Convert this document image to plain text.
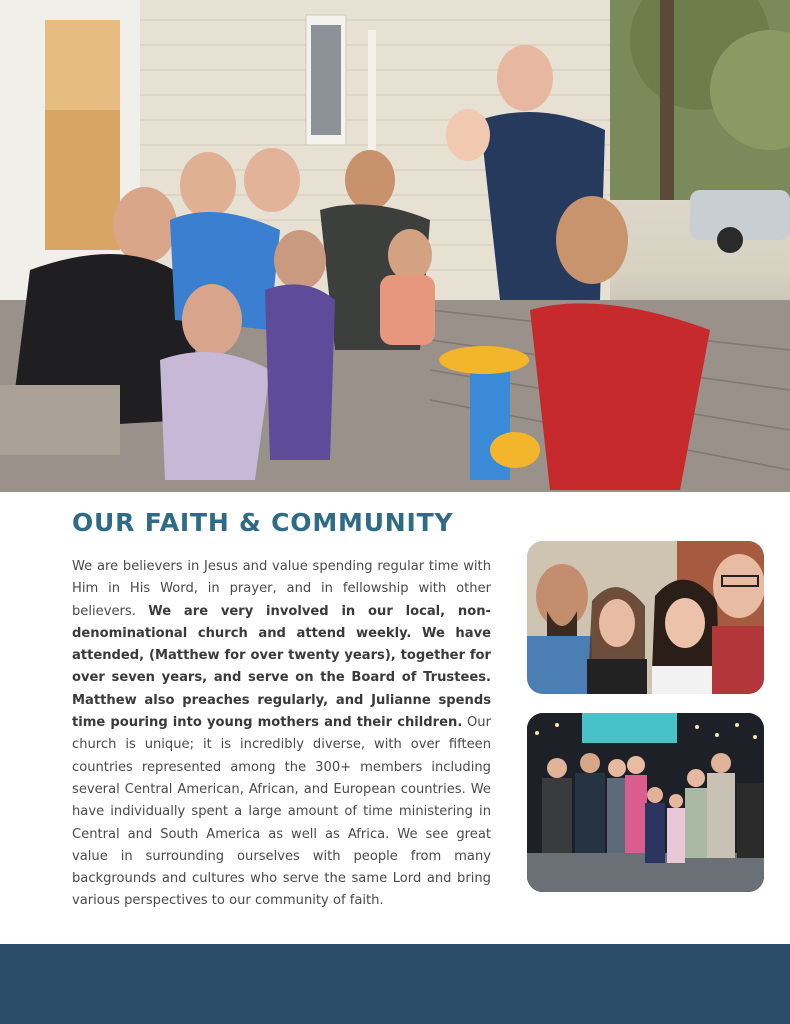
OUR FAITH & COMMUNITY

We are believers in Jesus and value spending regular time with Him in His Word, in prayer, and in fellowship with other believers. We are very involved in our local, non-denominational church and attend weekly. We have attended, (Matthew for over twenty years), together for over seven years, and serve on the Board of Trustees. Matthew also preaches regularly, and Julianne spends time pouring into young mothers and their children. Our church is unique; it is incredibly diverse, with over fifteen countries represented among the 300+ members including several Central American, African, and European countries. We have individually spent a large amount of time ministering in Central and South America as well as Africa. We see great value in surrounding ourselves with people from many backgrounds and cultures who serve the same Lord and bring various perspectives to our community of faith.
